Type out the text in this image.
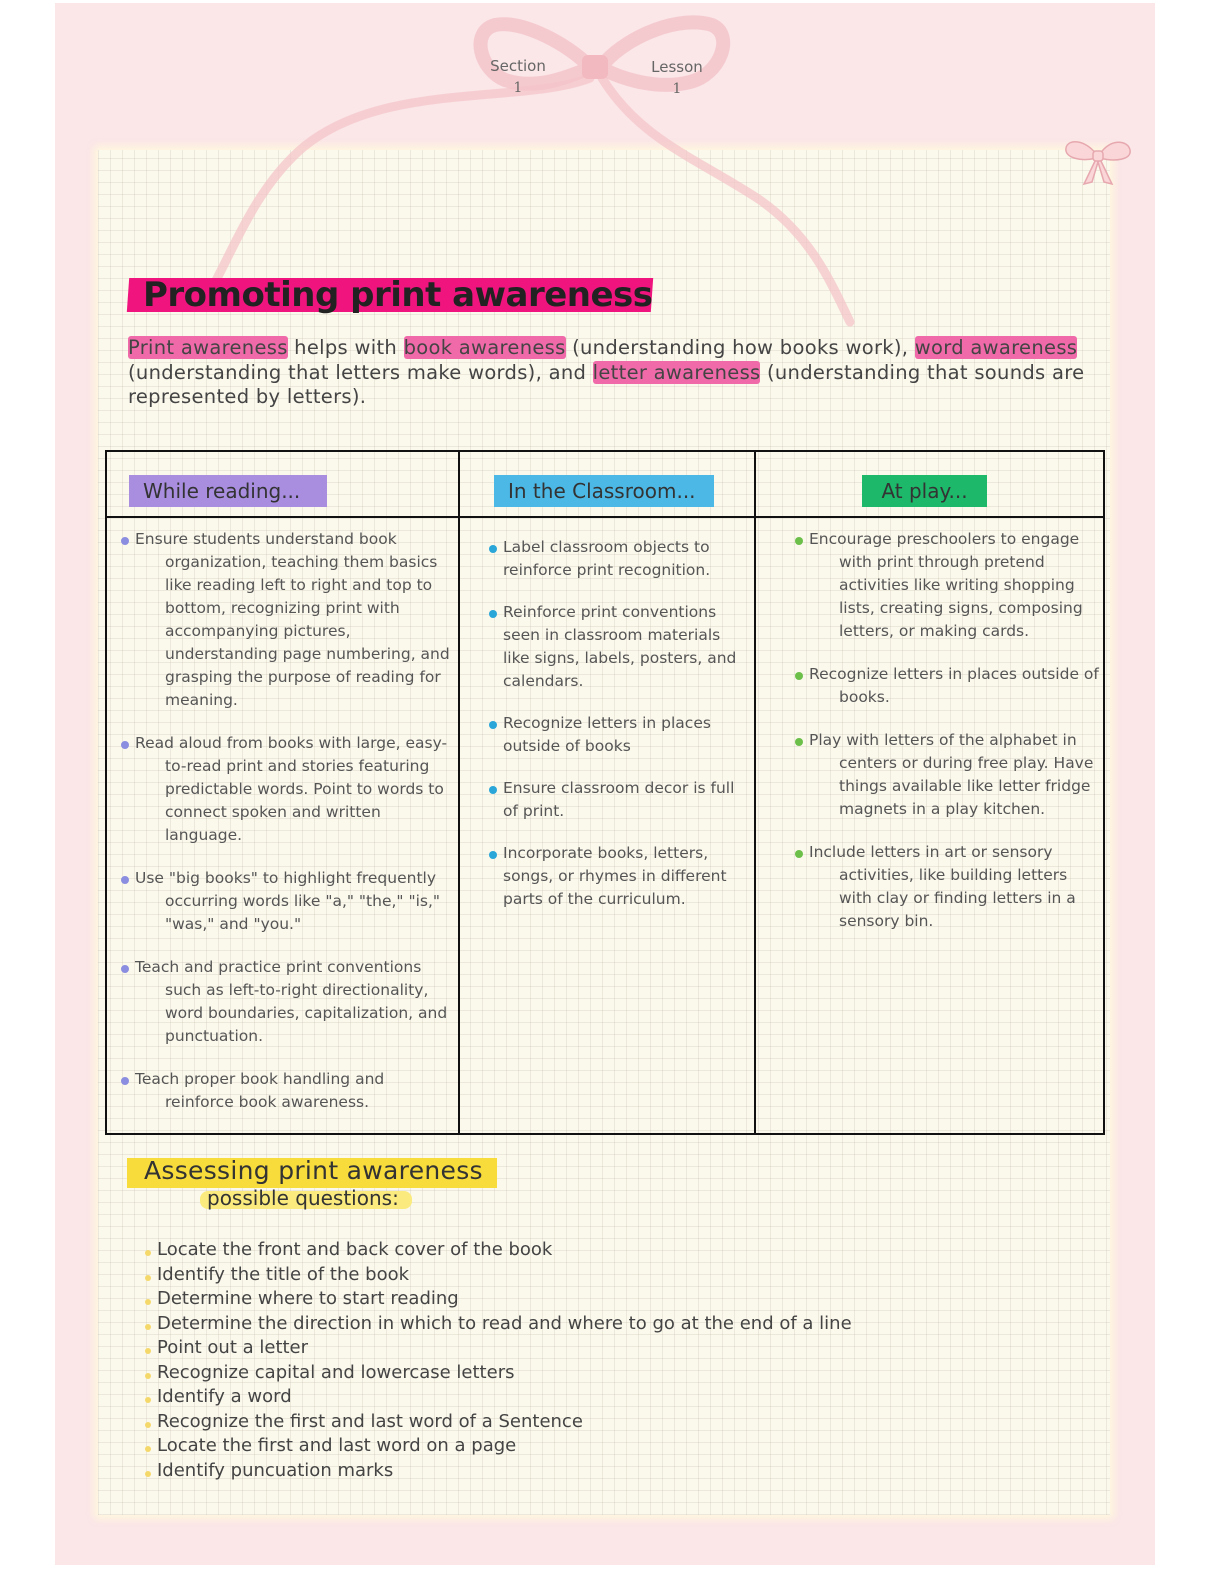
Section
1
Lesson
1
Promoting print awareness
Print awareness helps with book awareness (understanding how books work), word awareness (understanding that letters make words), and letter awareness (understanding that sounds are represented by letters).
While reading...	In the Classroom...	At play...
Ensure students understand book organization, teaching them basics like reading left to right and top to bottom, recognizing print with accompanying pictures, understanding page numbering, and grasping the purpose of reading for meaning.
Read aloud from books with large, easy-to-read print and stories featuring predictable words. Point to words to connect spoken and written language.
Use "big books" to highlight frequently occurring words like "a," "the," "is," "was," and "you."
Teach and practice print conventions such as left-to-right directionality, word boundaries, capitalization, and punctuation.
Teach proper book handling and reinforce book awareness.
Label classroom objects to reinforce print recognition.
Reinforce print conventions seen in classroom materials like signs, labels, posters, and calendars.
Recognize letters in places outside of books
Ensure classroom decor is full of print.
Incorporate books, letters, songs, or rhymes in different parts of the curriculum.
Encourage preschoolers to engage with print through pretend activities like writing shopping lists, creating signs, composing letters, or making cards.
Recognize letters in places outside of books.
Play with letters of the alphabet in centers or during free play. Have things available like letter fridge magnets in a play kitchen.
Include letters in art or sensory activities, like building letters with clay or finding letters in a sensory bin.
Assessing print awareness
possible questions:
Locate the front and back cover of the book
Identify the title of the book
Determine where to start reading
Determine the direction in which to read and where to go at the end of a line
Point out a letter
Recognize capital and lowercase letters
Identify a word
Recognize the first and last word of a Sentence
Locate the first and last word on a page
Identify puncuation marks
